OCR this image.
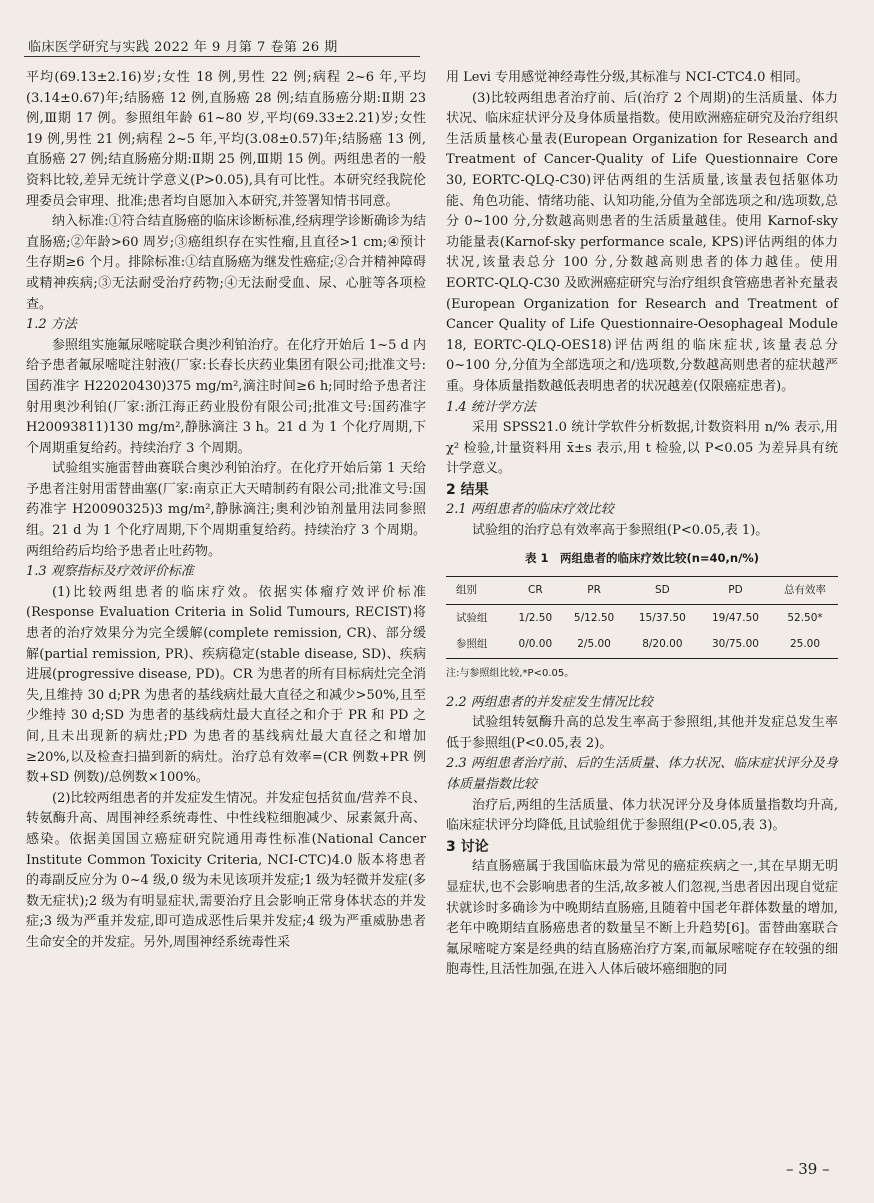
临床医学研究与实践 2022 年 9 月第 7 卷第 26 期

平均(69.13±2.16)岁;女性 18 例,男性 22 例;病程 2~6 年,平均(3.14±0.67)年;结肠癌 12 例,直肠癌 28 例;结直肠癌分期:Ⅱ期 23 例,Ⅲ期 17 例。参照组年龄 61~80 岁,平均(69.33±2.21)岁;女性 19 例,男性 21 例;病程 2~5 年,平均(3.08±0.57)年;结肠癌 13 例,直肠癌 27 例;结直肠癌分期:Ⅱ期 25 例,Ⅲ期 15 例。两组患者的一般资料比较,差异无统计学意义(P>0.05),具有可比性。本研究经我院伦理委员会审理、批准;患者均自愿加入本研究,并签署知情书同意。

纳入标准:①符合结直肠癌的临床诊断标准,经病理学诊断确诊为结直肠癌;②年龄>60 周岁;③癌组织存在实性瘤,且直径>1 cm;④预计生存期≥6 个月。排除标准:①结直肠癌为继发性癌症;②合并精神障碍或精神疾病;③无法耐受治疗药物;④无法耐受血、尿、心脏等各项检查。

1.2 方法

参照组实施氟尿嘧啶联合奥沙利铂治疗。在化疗开始后 1~5 d 内给予患者氟尿嘧啶注射液(厂家:长春长庆药业集团有限公司;批准文号:国药准字 H22020430)375 mg/m²,滴注时间≥6 h;同时给予患者注射用奥沙利铂(厂家:浙江海正药业股份有限公司;批准文号:国药准字 H20093811)130 mg/m²,静脉滴注 3 h。21 d 为 1 个化疗周期,下个周期重复给药。持续治疗 3 个周期。

试验组实施雷替曲赛联合奥沙利铂治疗。在化疗开始后第 1 天给予患者注射用雷替曲塞(厂家:南京正大天晴制药有限公司;批准文号:国药准字 H20090325)3 mg/m²,静脉滴注;奥利沙铂剂量用法同参照组。21 d 为 1 个化疗周期,下个周期重复给药。持续治疗 3 个周期。两组给药后均给予患者止吐药物。

1.3 观察指标及疗效评价标准

(1)比较两组患者的临床疗效。依据实体瘤疗效评价标准(Response Evaluation Criteria in Solid Tumours, RECIST)将患者的治疗效果分为完全缓解(complete remission, CR)、部分缓解(partial remission, PR)、疾病稳定(stable disease, SD)、疾病进展(progressive disease, PD)。CR 为患者的所有目标病灶完全消失,且维持 30 d;PR 为患者的基线病灶最大直径之和减少>50%,且至少维持 30 d;SD 为患者的基线病灶最大直径之和介于 PR 和 PD 之间,且未出现新的病灶;PD 为患者的基线病灶最大直径之和增加≥20%,以及检查扫描到新的病灶。治疗总有效率=(CR 例数+PR 例数+SD 例数)/总例数×100%。

(2)比较两组患者的并发症发生情况。并发症包括贫血/营养不良、转氨酶升高、周围神经系统毒性、中性线粒细胞减少、尿素氮升高、感染。依据美国国立癌症研究院通用毒性标准(National Cancer Institute Common Toxicity Criteria, NCI-CTC)4.0 版本将患者的毒副反应分为 0~4 级,0 级为未见该项并发症;1 级为轻微并发症(多数无症状);2 级为有明显症状,需要治疗且会影响正常身体状态的并发症;3 级为严重并发症,即可造成恶性后果并发症;4 级为严重威胁患者生命安全的并发症。另外,周围神经系统毒性采

用 Levi 专用感觉神经毒性分级,其标准与 NCI-CTC4.0 相同。

(3)比较两组患者治疗前、后(治疗 2 个周期)的生活质量、体力状况、临床症状评分及身体质量指数。使用欧洲癌症研究及治疗组织生活质量核心量表(European Organization for Research and Treatment of Cancer-Quality of Life Questionnaire Core 30, EORTC-QLQ-C30)评估两组的生活质量,该量表包括躯体功能、角色功能、情绪功能、认知功能,分值为全部选项之和/选项数,总分 0~100 分,分数越高则患者的生活质量越佳。使用 Karnof-sky 功能量表(Karnof-sky performance scale, KPS)评估两组的体力状况,该量表总分 100 分,分数越高则患者的体力越佳。使用 EORTC-QLQ-C30 及欧洲癌症研究与治疗组织食管癌患者补充量表(European Organization for Research and Treatment of Cancer Quality of Life Questionnaire-Oesophageal Module 18, EORTC-QLQ-OES18)评估两组的临床症状,该量表总分 0~100 分,分值为全部选项之和/选项数,分数越高则患者的症状越严重。身体质量指数越低表明患者的状况越差(仅限癌症患者)。

1.4 统计学方法

采用 SPSS21.0 统计学软件分析数据,计数资料用 n/% 表示,用 χ² 检验,计量资料用 x̄±s 表示,用 t 检验,以 P<0.05 为差异具有统计学意义。

2 结果

2.1 两组患者的临床疗效比较

试验组的治疗总有效率高于参照组(P<0.05,表 1)。

表 1　两组患者的临床疗效比较(n=40,n/%)
组别	CR	PR	SD	PD	总有效率
试验组	1/2.50	5/12.50	15/37.50	19/47.50	52.50*
参照组	0/0.00	2/5.00	8/20.00	30/75.00	25.00
注:与参照组比较,*P<0.05。

2.2 两组患者的并发症发生情况比较

试验组转氨酶升高的总发生率高于参照组,其他并发症总发生率低于参照组(P<0.05,表 2)。

2.3 两组患者治疗前、后的生活质量、体力状况、临床症状评分及身体质量指数比较

治疗后,两组的生活质量、体力状况评分及身体质量指数均升高,临床症状评分均降低,且试验组优于参照组(P<0.05,表 3)。

3 讨论

结直肠癌属于我国临床最为常见的癌症疾病之一,其在早期无明显症状,也不会影响患者的生活,故多被人们忽视,当患者因出现自觉症状就诊时多确诊为中晚期结直肠癌,且随着中国老年群体数量的增加,老年中晚期结直肠癌患者的数量呈不断上升趋势[6]。雷替曲塞联合氟尿嘧啶方案是经典的结直肠癌治疗方案,而氟尿嘧啶存在较强的细胞毒性,且活性加强,在进入人体后破坏癌细胞的同

– 39 –
